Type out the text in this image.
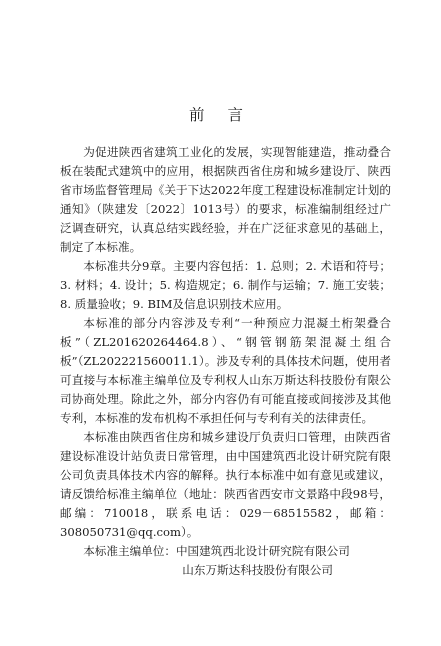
前 言

为促进陕西省建筑工业化的发展，实现智能建造，推动叠合板在装配式建筑中的应用，根据陕西省住房和城乡建设厅、陕西省市场监督管理局《关于下达2022年度工程建设标准制定计划的通知》（陕建发〔2022〕1013号）的要求，标准编制组经过广泛调查研究，认真总结实践经验，并在广泛征求意见的基础上，制定了本标准。

本标准共分9章。主要内容包括：1. 总则；2. 术语和符号；3. 材料；4. 设计；5. 构造规定；6. 制作与运输；7. 施工安装；8. 质量验收；9. BIM及信息识别技术应用。

本标准的部分内容涉及专利“一种预应力混凝土桁架叠合板”（ZL201620264464.8）、“钢管钢筋架混凝土组合板”（ZL202221560011.1）。涉及专利的具体技术问题，使用者可直接与本标准主编单位及专利权人山东万斯达科技股份有限公司协商处理。除此之外，部分内容仍有可能直接或间接涉及其他专利，本标准的发布机构不承担任何与专利有关的法律责任。

本标准由陕西省住房和城乡建设厅负责归口管理，由陕西省建设标准设计站负责日常管理，由中国建筑西北设计研究院有限公司负责具体技术内容的解释。执行本标准中如有意见或建议，请反馈给标准主编单位（地址：陕西省西安市文景路中段98号，邮编：710018，联系电话：029－68515582，邮箱：308050731@qq.com）。

本标准主编单位：中国建筑西北设计研究院有限公司
山东万斯达科技股份有限公司
